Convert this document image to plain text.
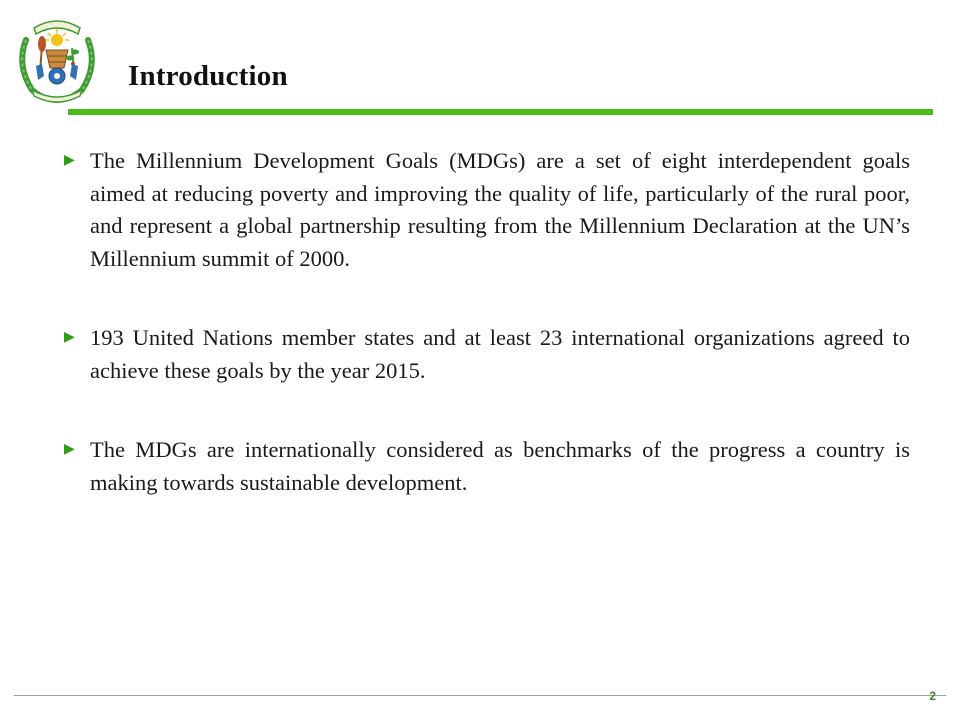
Introduction
▶ The Millennium Development Goals (MDGs) are a set of eight interdependent goals aimed at reducing poverty and improving the quality of life, particularly of the rural poor, and represent a global partnership resulting from the Millennium Declaration at the UN’s Millennium summit of 2000.
▶ 193 United Nations member states and at least 23 international organizations agreed to achieve these goals by the year 2015.
▶ The MDGs are internationally considered as benchmarks of the progress a country is making towards sustainable development.
2
